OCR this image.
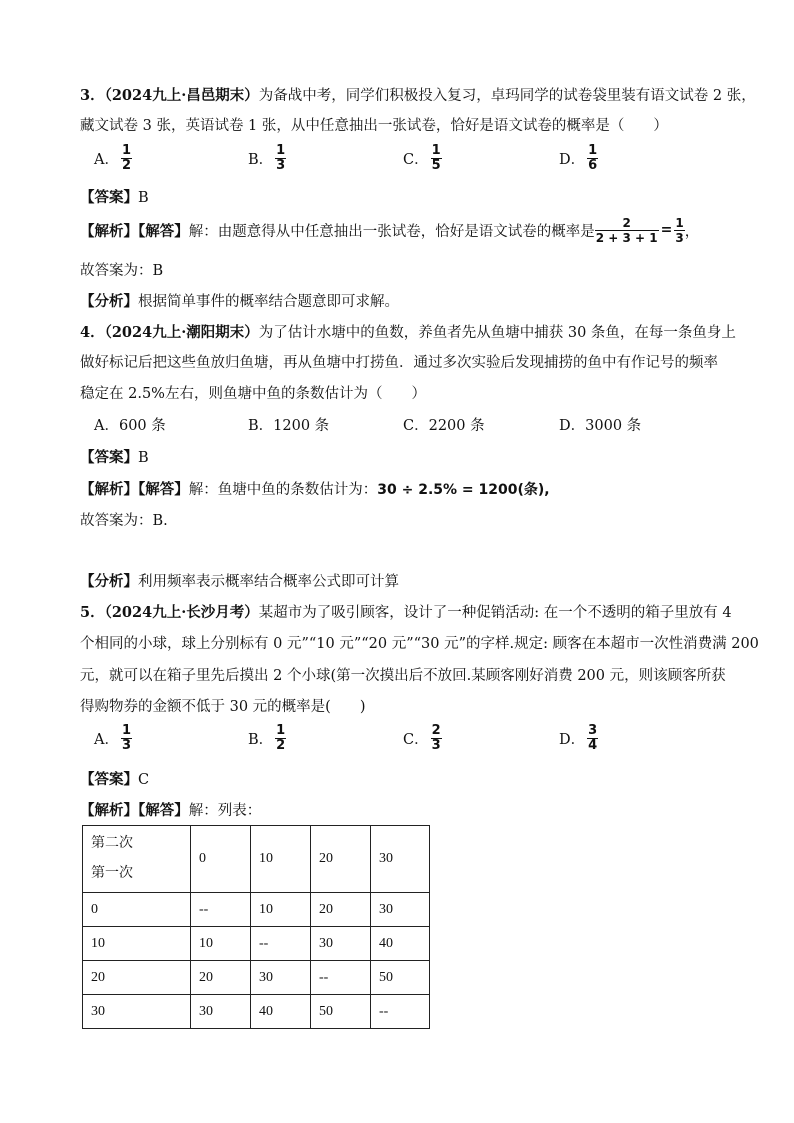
3．（2024九上·昌邑期末）为备战中考，同学们积极投入复习，卓玛同学的试卷袋里装有语文试卷 2 张，
藏文试卷 3 张，英语试卷 1 张，从中任意抽出一张试卷，恰好是语文试卷的概率是（　　）
A． $\frac{1}{2}$	B． $\frac{1}{3}$	C． $\frac{1}{5}$	D． $\frac{1}{6}$
【答案】B
【解析】【解答】 解：由题意得从中任意抽出一张试卷，恰好是语文试卷的概率是 $\frac{2}{2 + 3 + 1} = \frac{1}{3}$ ，
故答案为：B
【分析】根据简单事件的概率结合题意即可求解。
4．（2024九上·潮阳期末）为了估计水塘中的鱼数，养鱼者先从鱼塘中捕获 30 条鱼，在每一条鱼身上
做好标记后把这些鱼放归鱼塘，再从鱼塘中打捞鱼．通过多次实验后发现捕捞的鱼中有作记号的频率
稳定在 2.5%左右，则鱼塘中鱼的条数估计为（　　）
A．600 条	B．1200 条	C．2200 条	D．3000 条
【答案】B
【解析】【解答】解：鱼塘中鱼的条数估计为：30 ÷ 2.5% = 1200(条),
故答案为：B.
【分析】利用频率表示概率结合概率公式即可计算
5．（2024九上·长沙月考）某超市为了吸引顾客，设计了一种促销活动: 在一个不透明的箱子里放有 4
个相同的小球，球上分别标有 0 元”“10 元”“20 元”“30 元”的字样.规定: 顾客在本超市一次性消费满 200
元，就可以在箱子里先后摸出 2 个小球(第一次摸出后不放回.某顾客刚好消费 200 元，则该顾客所获
得购物券的金额不低于 30 元的概率是(　　)
A． $\frac{1}{3}$	B． $\frac{1}{2}$	C． $\frac{2}{3}$	D． $\frac{3}{4}$
【答案】C
【解析】【解答】解：列表：
第二次
第一次	0	10	20	30
0	--	10	20	30
10	10	--	30	40
20	20	30	--	50
30	30	40	50	--
